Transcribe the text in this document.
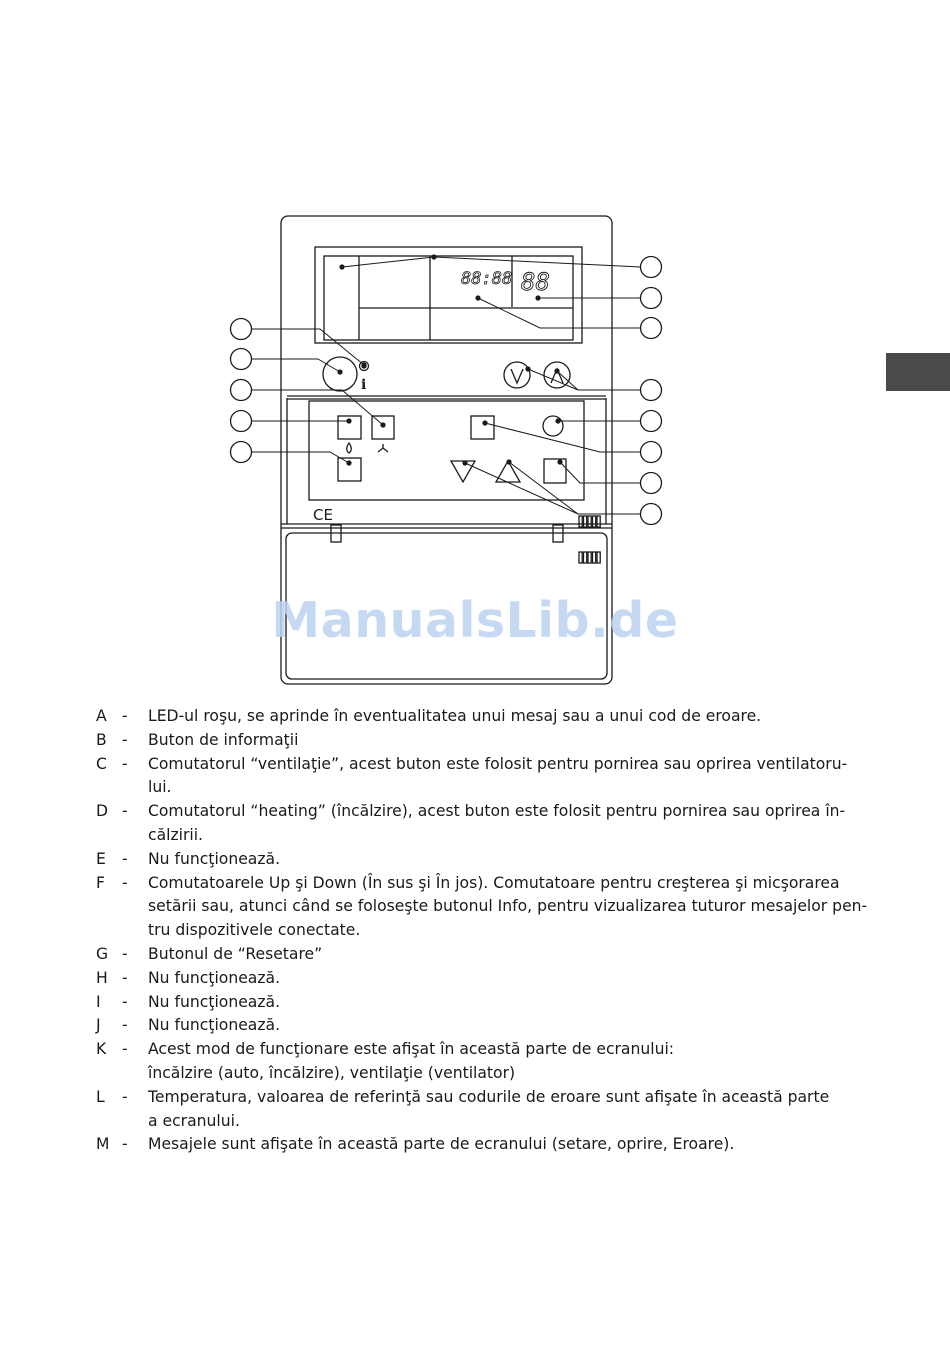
88:88 88
i
CE
ManualsLib.de
A -	LED-ul roşu, se aprinde în eventualitatea unui mesaj sau a unui cod de eroare.
B -	Buton de informaţii
C -	Comutatorul “ventilaţie”, acest buton este folosit pentru pornirea sau oprirea ventilatoru-
lui.
D -	Comutatorul “heating” (încălzire), acest buton este folosit pentru pornirea sau oprirea în-
călzirii.
E	-	Nu funcţionează.
F	-	Comutatoarele Up şi Down (În sus şi În jos). Comutatoare pentru creşterea şi micşorarea
setării sau, atunci când se foloseşte butonul Info, pentru vizualizarea tuturor mesajelor pen-
tru dispozitivele conectate.
G -	Butonul de “Resetare”
H -	Nu funcţionează.
I	-	Nu funcţionează.
J	-	Nu funcţionează.
K	-	Acest mod de funcţionare este afişat în această parte de ecranului:
încălzire (auto, încălzire), ventilaţie (ventilator)
L	-	Temperatura, valoarea de referinţă sau codurile de eroare sunt afişate în această parte
a ecranului.
M -	Mesajele sunt afişate în această parte de ecranului (setare, oprire, Eroare).
